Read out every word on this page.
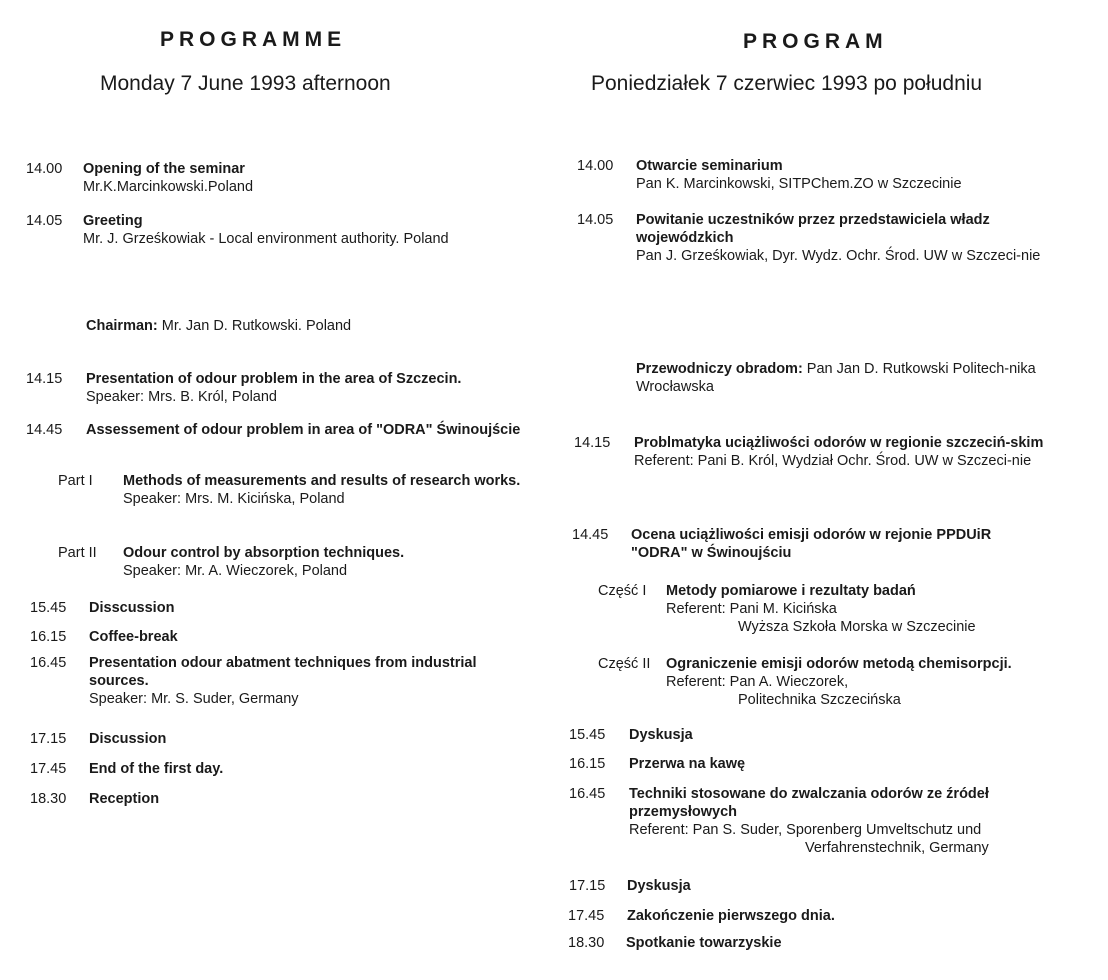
PROGRAMME
Monday 7 June 1993 afternoon
14.00 Opening of the seminar
Mr.K.Marcinkowski.Poland
14.05 Greeting
Mr. J. Grześkowiak - Local environment authority. Poland
Chairman: Mr. Jan D. Rutkowski. Poland
14.15 Presentation of odour problem in the area of Szczecin.
Speaker: Mrs. B. Król, Poland
14.45 Assessement of odour problem in area of "ODRA" Świnoujście
Part I Methods of measurements and results of research works.
Speaker: Mrs. M. Kicińska, Poland
Part II Odour control by absorption techniques.
Speaker: Mr. A. Wieczorek, Poland
15.45 Disscussion
16.15 Coffee-break
16.45 Presentation odour abatment techniques from industrial sources.
Speaker: Mr. S. Suder, Germany
17.15 Discussion
17.45 End of the first day.
18.30 Reception
PROGRAM
Poniedziałek 7 czerwiec 1993 po południu
14.00 Otwarcie seminarium
Pan K. Marcinkowski, SITPChem.ZO w Szczecinie
14.05 Powitanie uczestników przez przedstawiciela władz wojewódzkich
Pan J. Grześkowiak, Dyr. Wydz. Ochr. Środ. UW w Szczeci-nie
Przewodniczy obradom: Pan Jan D. Rutkowski Politech-nika Wrocławska
14.15 Problmatyka uciążliwości odorów w regionie szczeciń-skim
Referent: Pani B. Król, Wydział Ochr. Środ. UW w Szczeci-nie
14.45 Ocena uciążliwości emisji odorów w rejonie PPDUiR "ODRA" w Świnoujściu
Część I Metody pomiarowe i rezultaty badań
Referent: Pani M. Kicińska
Wyższa Szkoła Morska w Szczecinie
Część II Ograniczenie emisji odorów metodą chemisorpcji.
Referent: Pan A. Wieczorek,
Politechnika Szczecińska
15.45 Dyskusja
16.15 Przerwa na kawę
16.45 Techniki stosowane do zwalczania odorów ze źródeł przemysłowych
Referent: Pan S. Suder, Sporenberg Umveltschutz und
Verfahrenstechnik, Germany
17.15 Dyskusja
17.45 Zakończenie pierwszego dnia.
18.30 Spotkanie towarzyskie
